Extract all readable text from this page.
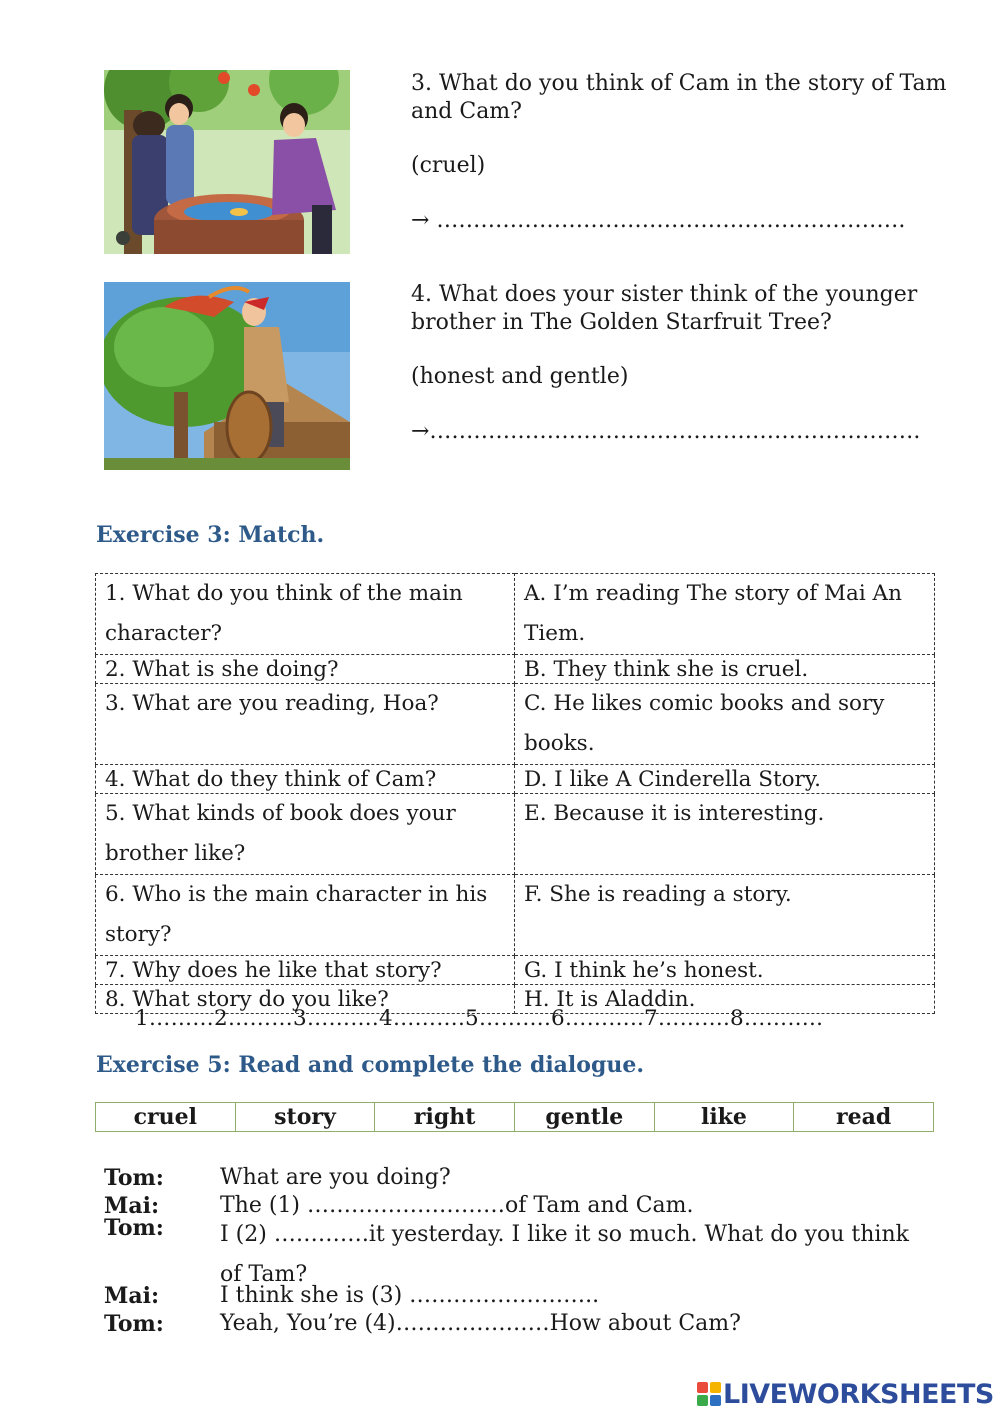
3. What do you think of Cam in the story of Tam and Cam?

(cruel)

→ ……………………………………………………….

4. What does your sister think of the younger brother in The Golden Starfruit Tree?

(honest and gentle)

→………………………………………………………….

Exercise 3: Match.
1. What do you think of the main character?	A. I’m reading The story of Mai An Tiem.

2. What is she doing?	B. They think she is cruel.

3. What are you reading, Hoa?	C. He likes comic books and sory books.

4. What do they think of Cam?	D. I like A Cinderella Story.

5. What kinds of book does your brother like?	E. Because it is interesting.

6. Who is the main character in his story?	F. She is reading a story.

7. Why does he like that story?	G. I think he’s honest.

8. What story do you like?	H. It is Aladdin.
1………2………3……….4……….5……….6………..7……….8………..
Exercise 5: Read and complete the dialogue.
cruel	story	right	gentle	like	read
Tom:	What are you doing?
Mai:	The (1) ………………………of Tam and Cam.
Tom:	I (2) ………….it yesterday. I like it so much. What do you think of Tam?
Mai:	I think she is (3) ……………………..
Tom:	Yeah, You’re (4)…………………How about Cam?
LIVEWORKSHEETS
